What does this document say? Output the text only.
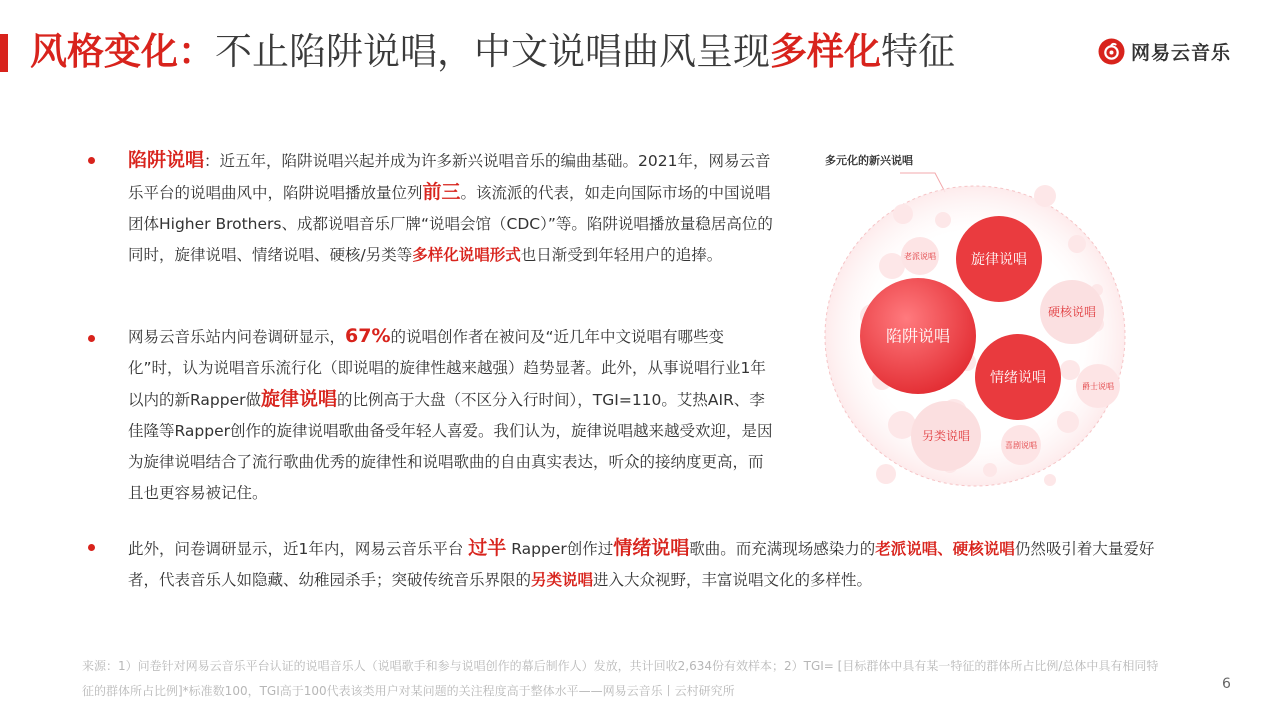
风格变化：不止陷阱说唱，中文说唱曲风呈现多样化特征	网易云音乐
陷阱说唱：近五年，陷阱说唱兴起并成为许多新兴说唱音乐的编曲基础。2021年，网易云音乐平台的说唱曲风中，陷阱说唱播放量位列前三。该流派的代表，如走向国际市场的中国说唱团体Higher Brothers、成都说唱音乐厂牌“说唱会馆（CDC）”等。陷阱说唱播放量稳居高位的同时，旋律说唱、情绪说唱、硬核/另类等多样化说唱形式也日渐受到年轻用户的追捧。
网易云音乐站内问卷调研显示，67%的说唱创作者在被问及“近几年中文说唱有哪些变化”时，认为说唱音乐流行化（即说唱的旋律性越来越强）趋势显著。此外，从事说唱行业1年以内的新Rapper做旋律说唱的比例高于大盘（不区分入行时间），TGI=110。艾热AIR、李佳隆等Rapper创作的旋律说唱歌曲备受年轻人喜爱。我们认为，旋律说唱越来越受欢迎，是因为旋律说唱结合了流行歌曲优秀的旋律性和说唱歌曲的自由真实表达，听众的接纳度更高，而且也更容易被记住。
此外，问卷调研显示，近1年内，网易云音乐平台 过半 Rapper创作过情绪说唱歌曲。而充满现场感染力的老派说唱、硬核说唱仍然吸引着大量爱好者，代表音乐人如隐藏、幼稚园杀手；突破传统音乐界限的另类说唱进入大众视野，丰富说唱文化的多样性。
多元化的新兴说唱
陷阱说唱
旋律说唱
情绪说唱
硬核说唱
另类说唱
老派说唱
爵士说唱
喜剧说唱
来源：1）问卷针对网易云音乐平台认证的说唱音乐人（说唱歌手和参与说唱创作的幕后制作人）发放，共计回收2,634份有效样本；2）TGI= [目标群体中具有某一特征的群体所占比例/总体中具有相同特征的群体所占比例]*标准数100，TGI高于100代表该类用户对某问题的关注程度高于整体水平——网易云音乐丨云村研究所	6
